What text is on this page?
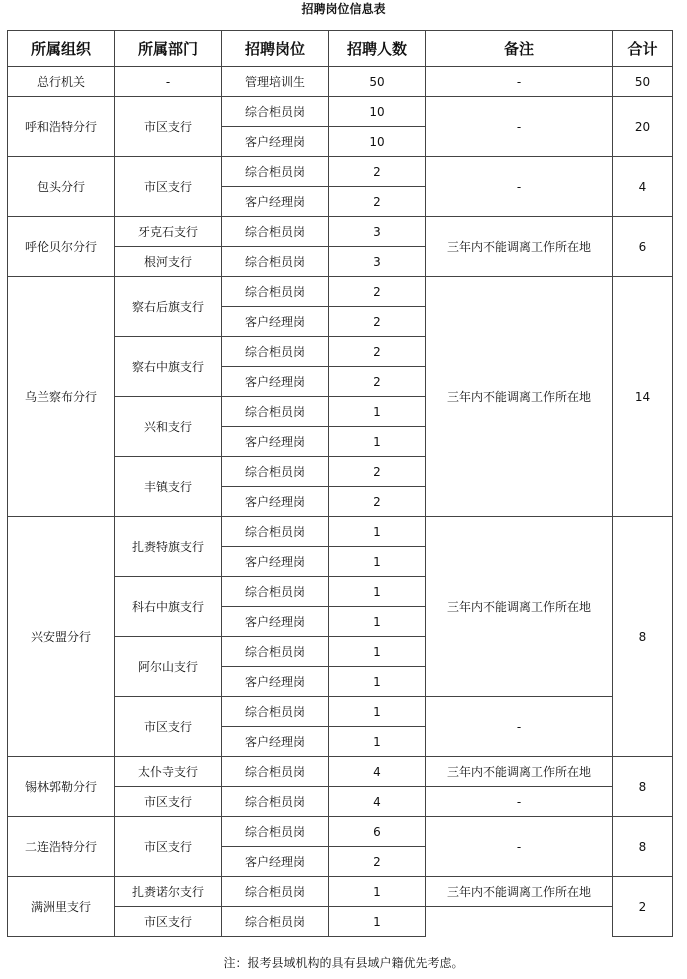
招聘岗位信息表
所属组织	所属部门	招聘岗位	招聘人数	备注	合计
总行机关	-	管理培训生	50	-	50
呼和浩特分行	市区支行	综合柜员岗	10	-	20
		客户经理岗	10		
包头分行	市区支行	综合柜员岗	2	-	4
		客户经理岗	2		
呼伦贝尔分行	牙克石支行	综合柜员岗	3	三年内不能调离工作所在地	6
	根河支行	综合柜员岗	3		
乌兰察布分行	察右后旗支行	综合柜员岗	2	三年内不能调离工作所在地	14
		客户经理岗	2		
	察右中旗支行	综合柜员岗	2		
		客户经理岗	2		
	兴和支行	综合柜员岗	1		
		客户经理岗	1		
	丰镇支行	综合柜员岗	2		
		客户经理岗	2		
兴安盟分行	扎赉特旗支行	综合柜员岗	1	三年内不能调离工作所在地	8
		客户经理岗	1		
	科右中旗支行	综合柜员岗	1		
		客户经理岗	1		
	阿尔山支行	综合柜员岗	1		
		客户经理岗	1		
	市区支行	综合柜员岗	1	-	
		客户经理岗	1		
锡林郭勒分行	太仆寺支行	综合柜员岗	4	三年内不能调离工作所在地	8
	市区支行	综合柜员岗	4	-	
二连浩特分行	市区支行	综合柜员岗	6	-	8
		客户经理岗	2		
满洲里支行	扎赉诺尔支行	综合柜员岗	1	三年内不能调离工作所在地	2
	市区支行	综合柜员岗	1		
注：报考县域机构的具有县域户籍优先考虑。
